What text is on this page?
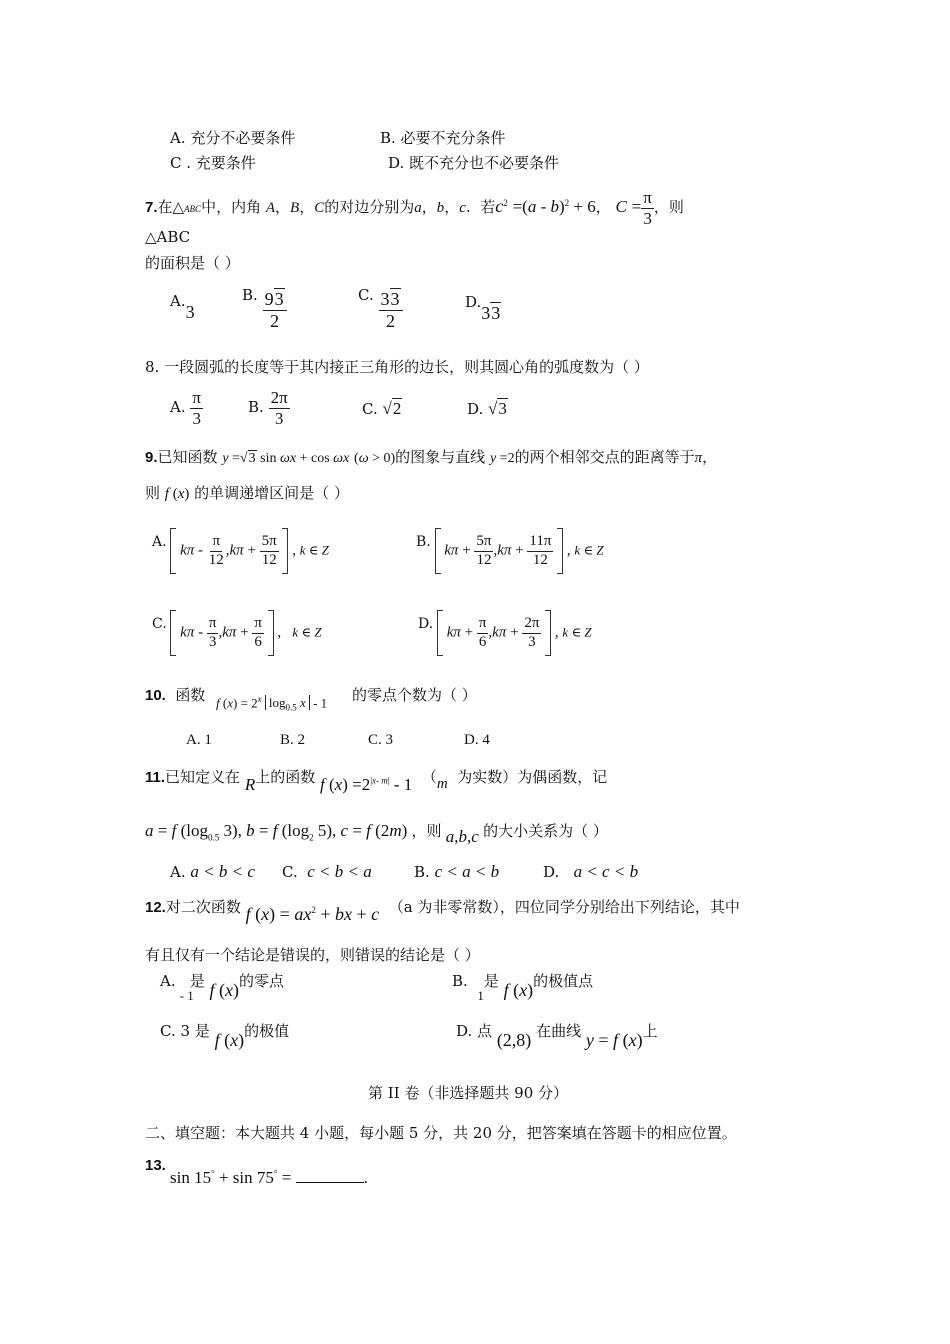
A. 充分不必要条件	B. 必要不充分条件
C . 充要条件	D. 既不充分也不必要条件
7.在△ABC中，内角 A，B，C的对边分别为a，b，c.  若$c^2 =(a - b)^2 + 6$， $C = \frac{\pi}{3}$ ，则
△ABC
的面积是（ ）
A.3
B. $\frac{93}{2}$	C. $\frac{33}{2}$	D.33
8. 一段圆弧的长度等于其内接正三角形的边长，则其圆心角的弧度数为（ ）
A. $\frac{\pi}{3}$	B. $\frac{2\pi}{3}$	C. √2	D. √3
9.已知函数 y =√3 sin ωx + cos ωx (ω > 0)的图象与直线 y =2的两个相邻交点的距离等于π，
则 f (x) 的单调递增区间是（ ）
A. $k\pi - \frac{\pi}{12} ,k\pi + \frac{5\pi}{12}$ , k ∈ Z	B. $k\pi + \frac{5\pi}{12} ,k\pi + \frac{11\pi}{12}$ , k ∈ Z
C. $k\pi - \frac{\pi}{3} ,k\pi + \frac{\pi}{6}$ ,   k ∈ Z	D. $k\pi + \frac{\pi}{6} ,k\pi + \frac{2\pi}{3}$ , k ∈ Z
10. 函数 f $(x) = 2^x$ $\log_{0.5} x - 1$ 的零点个数为（ ）
A. 1	B. 2	C. 3	D. 4
11.已知定义在 R上的函数 f $(x) =2^{|x- m|} - 1$ （m 为实数）为偶函数，记
a = f ($\log_{0.5}$ 3), b = f ($\log_2$ 5), c = f (2m) ，则 a,b,c 的大小关系为（ ）
A. a < b < c C. c < b < a	B. c < a < b	D. a < c < b
12.对二次函数 f $(x) = ax^2$ + bx + c （a 为非零常数），四位同学分别给出下列结论，其中
有且仅有一个结论是错误的，则错误的结论是（ ）
A.- 1是 f (x)的零点	B.  1是 f (x)的极值点
C. 3 是 f (x)的极值	D. 点 (2,8) 在曲线 y = f (x)上
第 II 卷（非选择题共 90 分）
二、填空题：本大题共 4 小题，每小题 5 分，共 20 分，把答案填在答题卡的相应位置。
13.
sin 15° + sin 75° =	.
